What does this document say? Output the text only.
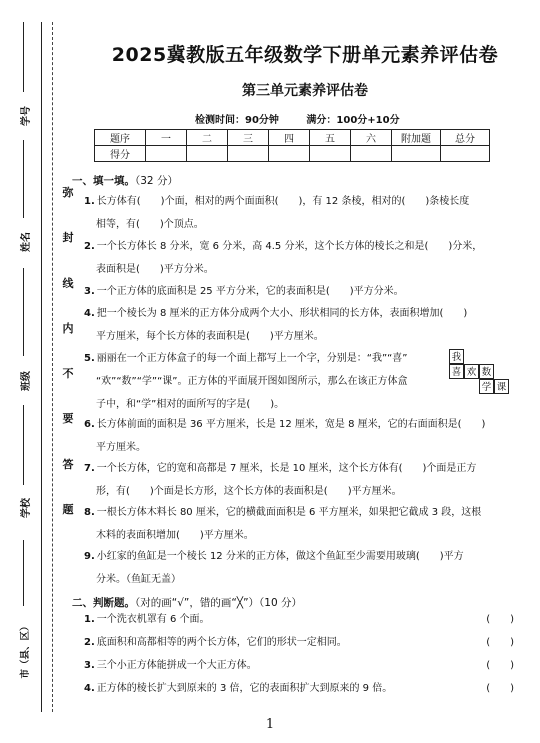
学号
姓名
班级
学校
市（县、区）
弥
封
线
内
不
要
答
题
2025冀教版五年级数学下册单元素养评估卷
第三单元素养评估卷
检测时间：90分钟	满分：100分+10分
题序	一	二	三	四	五	六	附加题	总分
得分								
一、填一填。（32 分）
1. 长方体有(　　)个面，相对的两个面面积(　　)，有 12 条棱，相对的(　　)条棱长度
相等，有(　　)个顶点。
2. 一个长方体长 8 分米，宽 6 分米，高 4.5 分米，这个长方体的棱长之和是(　　)分米，
表面积是(　　)平方分米。
3. 一个正方体的底面积是 25 平方分米，它的表面积是(　　)平方分米。
4. 把一个棱长为 8 厘米的正方体分成两个大小、形状相同的长方体，表面积增加(　　)
平方厘米，每个长方体的表面积是(　　)平方厘米。
5. 丽丽在一个正方体盒子的每一个面上都写上一个字，分别是：“我”“喜”
“欢”“数”“学”“课”。正方体的平面展开图如图所示，那么在该正方体盒
子中，和“学”相对的面所写的字是(　　)。
我
喜 欢 数
学 课
6. 长方体前面的面积是 36 平方厘米，长是 12 厘米，宽是 8 厘米，它的右面面积是(　　)
平方厘米。
7. 一个长方体，它的宽和高都是 7 厘米，长是 10 厘米，这个长方体有(　　)个面是正方
形，有(　　)个面是长方形，这个长方体的表面积是(　　)平方厘米。
8. 一根长方体木料长 80 厘米，它的横截面面积是 6 平方厘米，如果把它截成 3 段，这根
木料的表面积增加(　　)平方厘米。
9. 小红家的鱼缸是一个棱长 12 分米的正方体，做这个鱼缸至少需要用玻璃(　　)平方
分米。（鱼缸无盖）
二、判断题。（对的画“√”，错的画“╳”）（10 分）
1. 一个洗衣机罩有 6 个面。	(　　)
2. 底面积和高都相等的两个长方体，它们的形状一定相同。	(　　)
3. 三个小正方体能拼成一个大正方体。	(　　)
4. 正方体的棱长扩大到原来的 3 倍，它的表面积扩大到原来的 9 倍。	(　　)
1
